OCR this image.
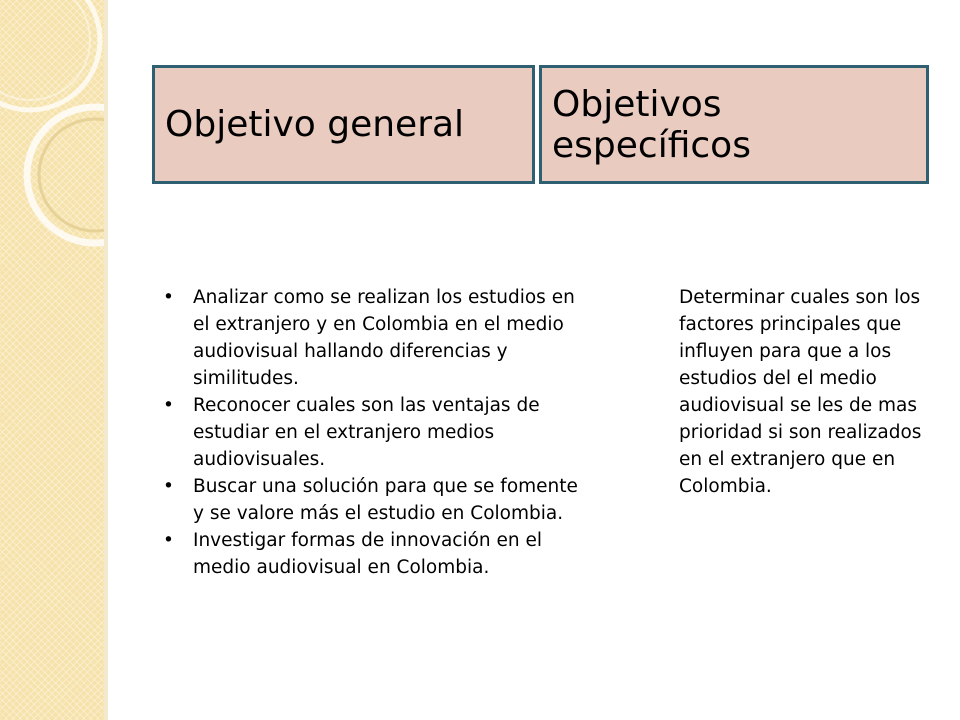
Objetivo general Objetivos específicos
• Analizar como se realizan los estudios en el extranjero y en Colombia en el medio audiovisual hallando diferencias y similitudes.
• Reconocer cuales son las ventajas de estudiar en el extranjero medios audiovisuales.
• Buscar una solución para que se fomente y se valore más el estudio en Colombia.
• Investigar formas de innovación en el medio audiovisual en Colombia.

Determinar cuales son los factores principales que influyen para que a los estudios del el medio audiovisual se les de mas prioridad si son realizados en el extranjero que en Colombia.
